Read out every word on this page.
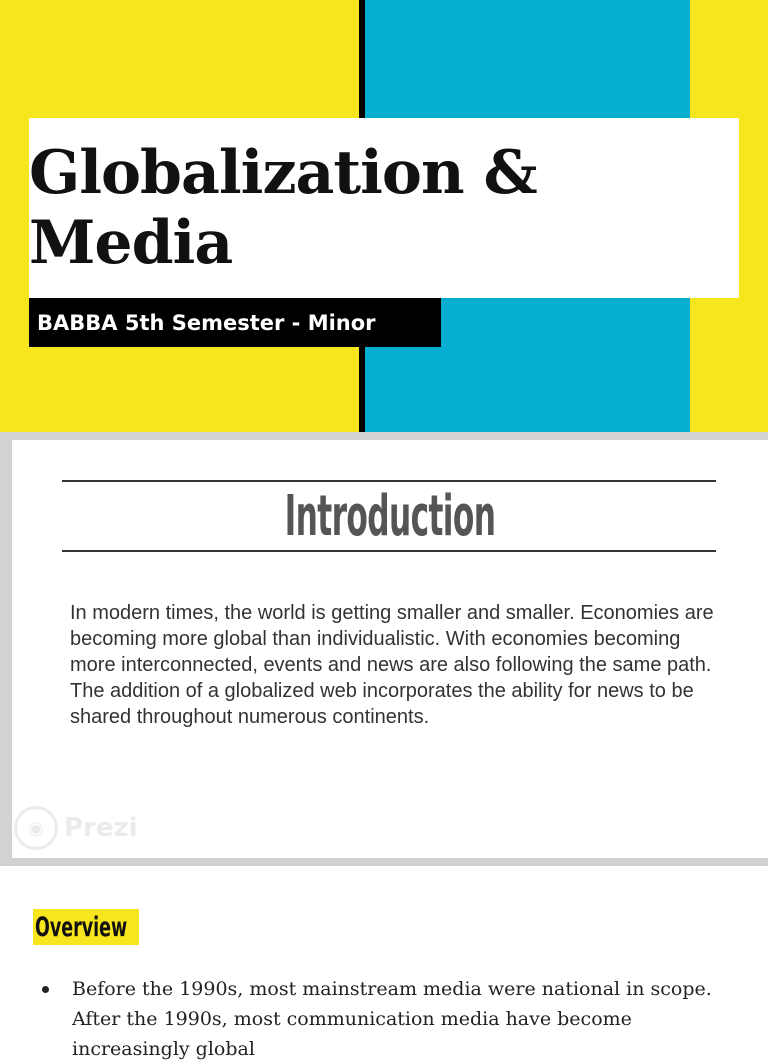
Globalization & Media
BABBA 5th Semester - Minor
Introduction

In modern times, the world is getting smaller and smaller. Economies are becoming more global than individualistic. With economies becoming more interconnected, events and news are also following the same path. The addition of a globalized web incorporates the ability for news to be shared throughout numerous continents.

◉ Prezi
Overview
Before the 1990s, most mainstream media were national in scope. After the 1990s, most communication media have become increasingly global
